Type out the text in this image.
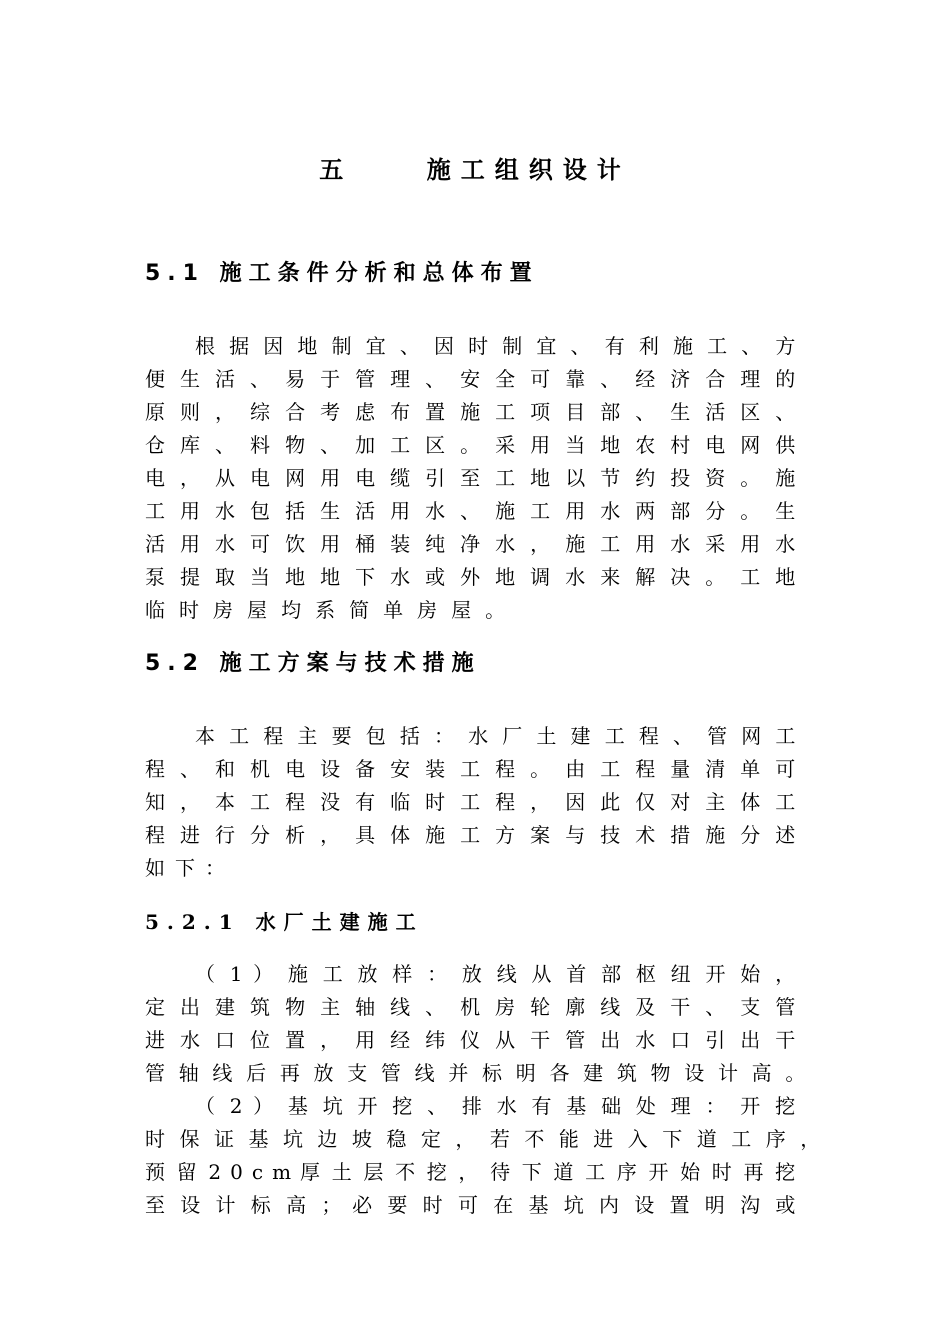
五    施工组织设计
5.1 施工条件分析和总体布置
根 据 因 地 制 宜 、 因 时 制 宜 、 有 利 施 工 、 方
便 生 活 、 易 于 管 理 、 安 全 可 靠 、 经 济 合 理 的
原 则 ， 综 合 考 虑 布 置 施 工 项 目 部 、 生 活 区 、
仓 库 、 料 物 、 加 工 区 。 采 用 当 地 农 村 电 网 供
电 ， 从 电 网 用 电 缆 引 至 工 地 以 节 约 投 资 。 施
工 用 水 包 括 生 活 用 水 、 施 工 用 水 两 部 分 。 生
活 用 水 可 饮 用 桶 装 纯 净 水 ， 施 工 用 水 采 用 水
泵 提 取 当 地 地 下 水 或 外 地 调 水 来 解 决 。 工 地
临 时 房 屋 均 系 简 单 房 屋 。
5.2 施工方案与技术措施
本 工 程 主 要 包 括 ： 水 厂 土 建 工 程 、 管 网 工
程 、 和 机 电 设 备 安 装 工 程 。 由 工 程 量 清 单 可
知 ， 本 工 程 没 有 临 时 工 程 ， 因 此 仅 对 主 体 工
程 进 行 分 析 ， 具 体 施 工 方 案 与 技 术 措 施 分 述
如 下 ：
5.2.1 水厂土建施工
（ 1 ） 施 工 放 样 ： 放 线 从 首 部 枢 纽 开 始 ，
定 出 建 筑 物 主 轴 线 、 机 房 轮 廓 线 及 干 、 支 管
进 水 口 位 置 ， 用 经 纬 仪 从 干 管 出 水 口 引 出 干
管 轴 线 后 再 放 支 管 线 并 标 明 各 建 筑 物 设 计 高 。
（ 2 ） 基 坑 开 挖 、 排 水 有 基 础 处 理 ： 开 挖
时 保 证 基 坑 边 坡 稳 定 ， 若 不 能 进 入 下 道 工 序 ，
预 留 2 0 c m 厚 土 层 不 挖 ， 待 下 道 工 序 开 始 时 再 挖
至 设 计 标 高 ； 必 要 时 可 在 基 坑 内 设 置 明 沟 或
